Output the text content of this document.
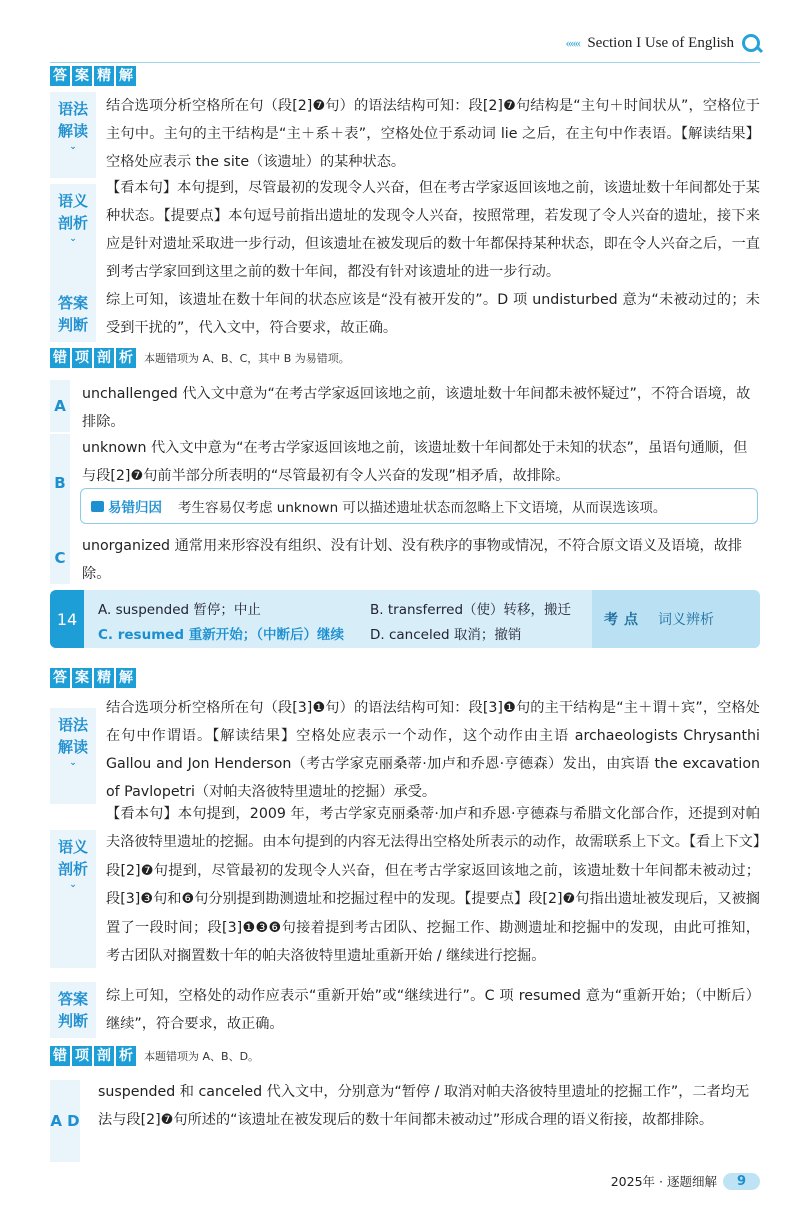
‹‹‹‹‹‹ Section I Use of English
答 案 精 解
语法
解读
⌄
结合选项分析空格所在句（段[2]❼句）的语法结构可知：段[2]❼句结构是“主句＋时间状从”，空格位于主句中。主句的主干结构是“主＋系＋表”，空格处位于系动词 lie 之后，在主句中作表语。【解读结果】空格处应表示 the site（该遗址）的某种状态。
语义
剖析
⌄
【看本句】本句提到，尽管最初的发现令人兴奋，但在考古学家返回该地之前，该遗址数十年间都处于某种状态。【提要点】本句逗号前指出遗址的发现令人兴奋，按照常理，若发现了令人兴奋的遗址，接下来应是针对遗址采取进一步行动，但该遗址在被发现后的数十年都保持某种状态，即在令人兴奋之后，一直到考古学家回到这里之前的数十年间，都没有针对该遗址的进一步行动。
答案
判断
综上可知，该遗址在数十年间的状态应该是“没有被开发的”。D 项 undisturbed 意为“未被动过的；未受到干扰的”，代入文中，符合要求，故正确。
错 项 剖 析 本题错项为 A、B、C，其中 B 为易错项。
A
unchallenged 代入文中意为“在考古学家返回该地之前，该遗址数十年间都未被怀疑过”，不符合语境，故排除。
B
unknown 代入文中意为“在考古学家返回该地之前，该遗址数十年间都处于未知的状态”，虽语句通顺，但与段[2]❼句前半部分所表明的“尽管最初有令人兴奋的发现”相矛盾，故排除。
易错归因 考生容易仅考虑 unknown 可以描述遗址状态而忽略上下文语境，从而误选该项。
C
unorganized 通常用来形容没有组织、没有计划、没有秩序的事物或情况，不符合原文语义及语境，故排除。
14	A. suspended 暂停；中止	B. transferred（使）转移，搬迁
C. resumed 重新开始；（中断后）继续 D. canceled 取消；撤销
考点 词义辨析
答 案 精 解
语法
解读
⌄
结合选项分析空格所在句（段[3]❶句）的语法结构可知：段[3]❶句的主干结构是“主＋谓＋宾”，空格处在句中作谓语。【解读结果】空格处应表示一个动作，这个动作由主语 archaeologists Chrysanthi Gallou and Jon Henderson（考古学家克丽桑蒂·加卢和乔恩·亨德森）发出，由宾语 the excavation of Pavlopetri（对帕夫洛彼特里遗址的挖掘）承受。
语义
剖析
⌄
【看本句】本句提到，2009 年，考古学家克丽桑蒂·加卢和乔恩·亨德森与希腊文化部合作，还提到对帕夫洛彼特里遗址的挖掘。由本句提到的内容无法得出空格处所表示的动作，故需联系上下文。【看上下文】段[2]❼句提到，尽管最初的发现令人兴奋，但在考古学家返回该地之前，该遗址数十年间都未被动过；段[3]❸句和❻句分别提到勘测遗址和挖掘过程中的发现。【提要点】段[2]❼句指出遗址被发现后，又被搁置了一段时间；段[3]❶❸❻句接着提到考古团队、挖掘工作、勘测遗址和挖掘中的发现，由此可推知，考古团队对搁置数十年的帕夫洛彼特里遗址重新开始 / 继续进行挖掘。
答案
判断
综上可知，空格处的动作应表示“重新开始”或“继续进行”。C 项 resumed 意为“重新开始；（中断后）继续”，符合要求，故正确。
错 项 剖 析 本题错项为 A、B、D。
A D
suspended 和 canceled 代入文中，分别意为“暂停 / 取消对帕夫洛彼特里遗址的挖掘工作”，二者均无法与段[2]❼句所述的“该遗址在被发现后的数十年间都未被动过”形成合理的语义衔接，故都排除。
2025年 · 逐题细解	9
